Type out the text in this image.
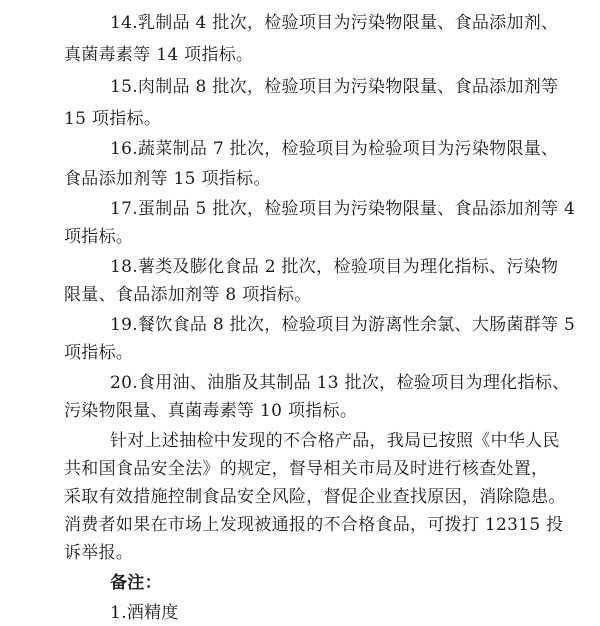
14.乳制品 4 批次，检验项目为污染物限量、食品添加剂、
真菌毒素等 14 项指标。
15.肉制品 8 批次，检验项目为污染物限量、食品添加剂等
15 项指标。
16.蔬菜制品 7 批次，检验项目为检验项目为污染物限量、
食品添加剂等 15 项指标。
17.蛋制品 5 批次，检验项目为污染物限量、食品添加剂等 4
项指标。
18.薯类及膨化食品 2 批次，检验项目为理化指标、污染物
限量、食品添加剂等 8 项指标。
19.餐饮食品 8 批次，检验项目为游离性余氯、大肠菌群等 5
项指标。
20.食用油、油脂及其制品 13 批次，检验项目为理化指标、
污染物限量、真菌毒素等 10 项指标。
针对上述抽检中发现的不合格产品，我局已按照《中华人民
共和国食品安全法》的规定，督导相关市局及时进行核查处置，
采取有效措施控制食品安全风险，督促企业查找原因，消除隐患。
消费者如果在市场上发现被通报的不合格食品，可拨打 12315 投
诉举报。
备注：
1.酒精度
